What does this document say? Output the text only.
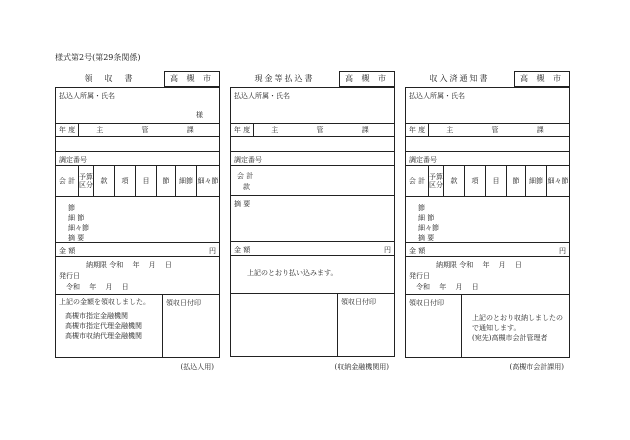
様式第2号(第29条関係)
領　収　書	高 槻 市
払込人所属・氏名
様
年 度	主 管 課
調定番号
会 計 予算区分	款	項	目	節	細節 細々節
節
細 節
細々節
摘 要
金 額	円
納期限 令和 　年 　月 　日
発行日
令和 　年 　月 　日
上記の金額を領収しました。
高槻市指定金融機関
高槻市指定代理金融機関
高槻市収納代理金融機関
領収日付印
(払込人用)
現金等払込書	高 槻 市
払込人所属・氏名
年 度	主 管 課
調定番号
会 計
款
摘 要
金 額	円
上記のとおり払い込みます。
領収日付印
(収納金融機関用)
収入済通知書	高 槻 市
払込人所属・氏名
年 度	主 管 課
調定番号
会 計 予算区分	款	項	目	節	細節 細々節
節
細 節
細々節
摘 要
金 額	円
納期限 令和 　年 　月 　日
発行日
令和 　年 　月 　日
領収日付印
上記のとおり収納しましたので通知します。
(宛先)高槻市会計管理者
(高槻市会計課用)
